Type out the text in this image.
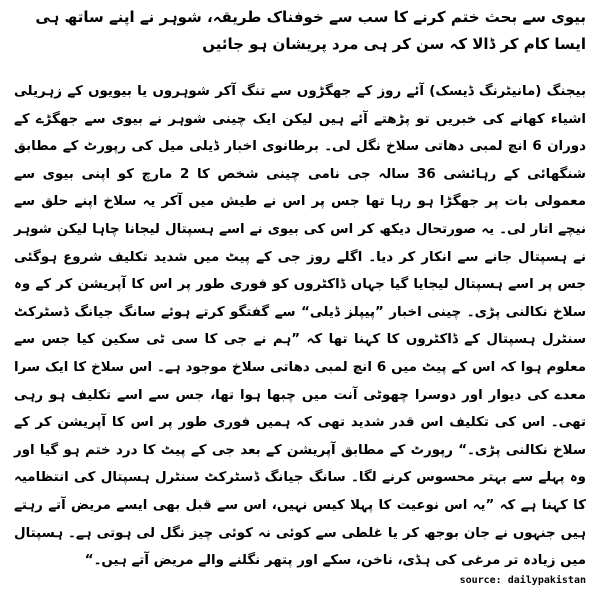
بیوی سے بحث ختم کرنے کا سب سے خوفناک طریقہ، شوہر نے اپنے ساتھ ہی ایسا کام کر ڈالا کہ سن کر ہی مرد پریشان ہو جائیں

بیجنگ (مانیٹرنگ ڈیسک) آئے روز کے جھگڑوں سے تنگ آکر شوہروں یا بیویوں کے زہریلی اشیاء کھانے کی خبریں تو پڑھتے آئے ہیں لیکن ایک چینی شوہر نے بیوی سے جھگڑے کے دوران 6 انچ لمبی دھاتی سلاخ نگل لی۔ برطانوی اخبار ڈیلی میل کی رپورٹ کے مطابق شنگھائی کے رہائشی 36 سالہ جی نامی چینی شخص کا 2 مارچ کو اپنی بیوی سے معمولی بات پر جھگڑا ہو رہا تھا جس پر اس نے طیش میں آکر یہ سلاخ اپنے حلق سے نیچے اتار لی۔ یہ صورتحال دیکھ کر اس کی بیوی نے اسے ہسپتال لیجانا چاہا لیکن شوہر نے ہسپتال جانے سے انکار کر دیا۔ اگلے روز جی کے پیٹ میں شدید تکلیف شروع ہوگئی جس پر اسے ہسپتال لیجایا گیا جہاں ڈاکٹروں کو فوری طور پر اس کا آپریشن کر کے وہ سلاخ نکالنی پڑی۔ چینی اخبار ”پیپلز ڈیلی“ سے گفتگو کرتے ہوئے سانگ جیانگ ڈسٹرکٹ سنٹرل ہسپتال کے ڈاکٹروں کا کہنا تھا کہ ”ہم نے جی کا سی ٹی سکین کیا جس سے معلوم ہوا کہ اس کے پیٹ میں 6 انچ لمبی دھاتی سلاخ موجود ہے۔ اس سلاخ کا ایک سرا معدے کی دیوار اور دوسرا چھوٹی آنت میں چبھا ہوا تھا، جس سے اسے تکلیف ہو رہی تھی۔ اس کی تکلیف اس قدر شدید تھی کہ ہمیں فوری طور پر اس کا آپریشن کر کے سلاخ نکالنی پڑی۔“ رپورٹ کے مطابق آپریشن کے بعد جی کے پیٹ کا درد ختم ہو گیا اور وہ پہلے سے بہتر محسوس کرنے لگا۔ سانگ جیانگ ڈسٹرکٹ سنٹرل ہسپتال کی انتظامیہ کا کہنا ہے کہ ”یہ اس نوعیت کا پہلا کیس نہیں، اس سے قبل بھی ایسے مریض آتے رہتے ہیں جنہوں نے جان بوجھ کر یا غلطی سے کوئی نہ کوئی چیز نگل لی ہوتی ہے۔ ہسپتال میں زیادہ تر مرغی کی ہڈی، ناخن، سکے اور پتھر نگلنے والے مریض آتے ہیں۔“

source: dailypakistan
